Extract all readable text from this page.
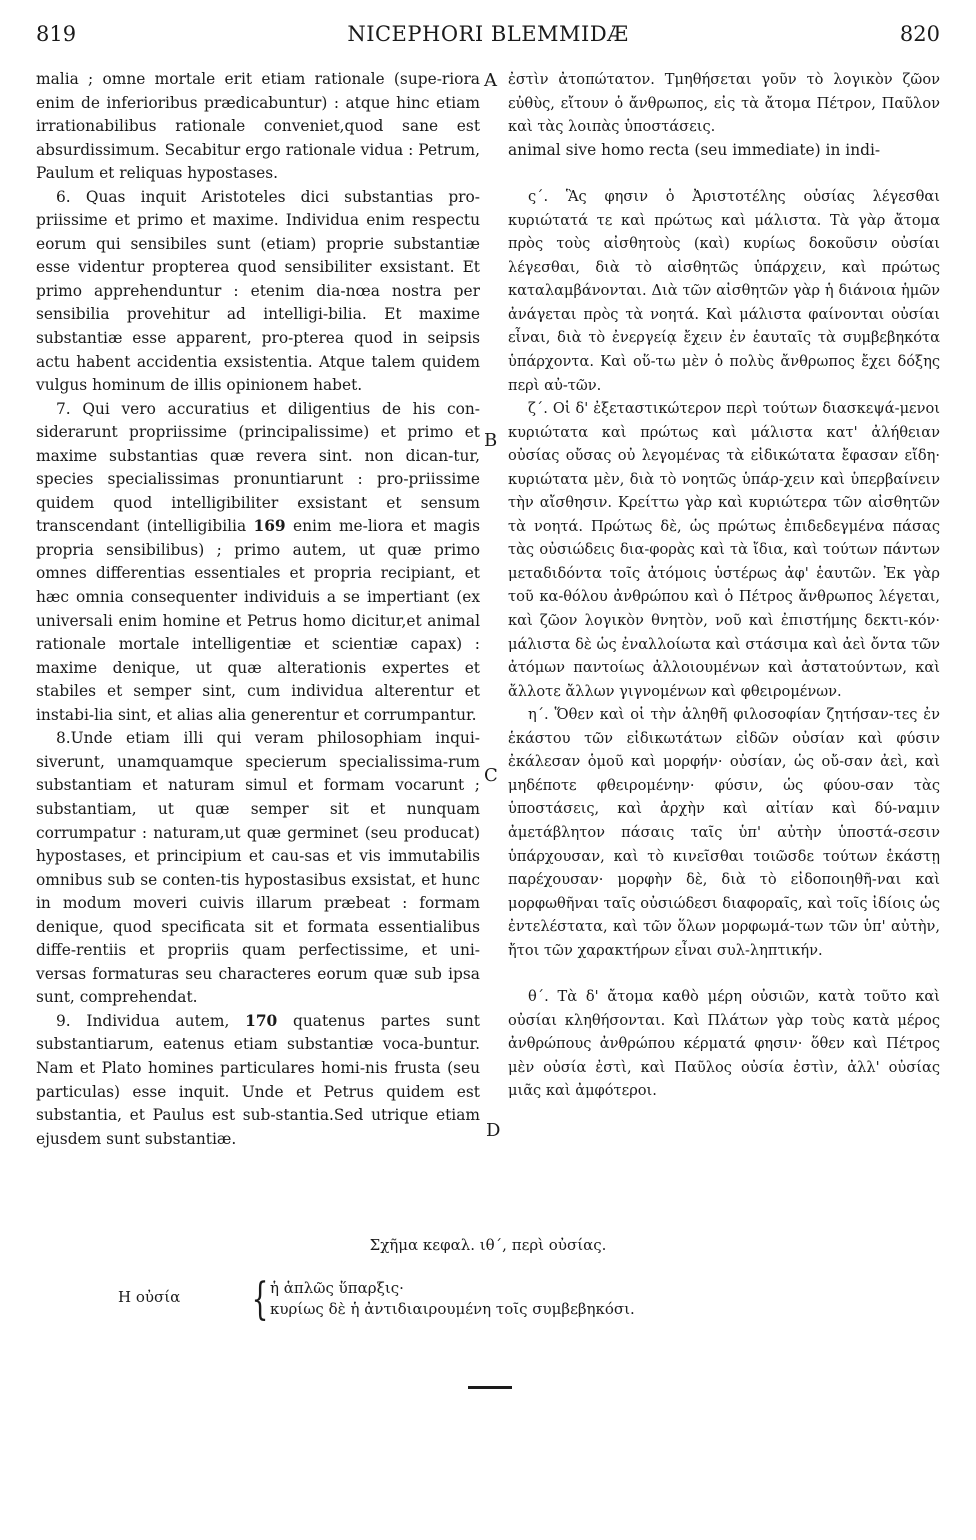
819	NICEPHORI BLEMMIDÆ	820
A
B
C
D

malia ; omne mortale erit etiam rationale (supe-riora enim de inferioribus prædicabuntur) : atque hinc etiam irrationabilibus rationale conveniet,quod sane est absurdissimum. Secabitur ergo rationale vidua : Petrum, Paulum et reliquas hypostases.

6. Quas inquit Aristoteles dici substantias pro-priissime et primo et maxime. Individua enim respectu eorum qui sensibiles sunt (etiam) proprie substantiæ esse videntur propterea quod sensibiliter exsistant. Et primo apprehenduntur : etenim dia-nœa nostra per sensibilia provehitur ad intelligi-bilia. Et maxime substantiæ esse apparent, pro-pterea quod in seipsis actu habent accidentia exsistentia. Atque talem quidem vulgus hominum de illis opinionem habet.

7. Qui vero accuratius et diligentius de his con-siderarunt propriissime (principalissime) et primo et maxime substantias quæ revera sint. non dican-tur, species specialissimas pronuntiarunt : pro-priissime quidem quod intelligibiliter exsistant et sensum transcendant (intelligibilia 169 enim me-liora et magis propria sensibilibus) ; primo autem, ut quæ primo omnes differentias essentiales et propria recipiant, et hæc omnia consequenter individuis a se impertiant (ex universali enim homine et Petrus homo dicitur,et animal rationale mortale intelligentiæ et scientiæ capax) : maxime denique, ut quæ alterationis expertes et stabiles et semper sint, cum individua alterentur et instabi-lia sint, et alias alia generentur et corrumpantur.

8.Unde etiam illi qui veram philosophiam inqui-siverunt, unamquamque specierum specialissima-rum substantiam et naturam simul et formam vocarunt ; substantiam, ut quæ semper sit et nunquam corrumpatur : naturam,ut quæ germinet (seu producat) hypostases, et principium et cau-sas et vis immutabilis omnibus sub se conten-tis hypostasibus exsistat, et hunc in modum moveri cuivis illarum præbeat : formam denique, quod specificata sit et formata essentialibus diffe-rentiis et propriis quam perfectissime, et uni-versas formaturas seu characteres eorum quæ sub ipsa sunt, comprehendat.

9. Individua autem, 170 quatenus partes sunt substantiarum, eatenus etiam substantiæ voca-buntur. Nam et Plato homines particulares homi-nis frusta (seu particulas) esse inquit. Unde et Petrus quidem est substantia, et Paulus est sub-stantia.Sed utrique etiam ejusdem sunt substantiæ.

ἐστὶν ἀτοπώτατον. Τμηθήσεται γοῦν τὸ λογικὸν ζῶον εὐθὺς, εἴτουν ὁ ἄνθρωπος, εἰς τὰ ἄτομα Πέτρον, Παῦλον καὶ τὰς λοιπὰς ὑποστάσεις.

animal sive homo recta (seu immediate) in indi-

ς΄. Ἃς φησιν ὁ Ἀριστοτέλης οὐσίας λέγεσθαι κυριώτατά τε καὶ πρώτως καὶ μάλιστα. Τὰ γὰρ ἄτομα πρὸς τοὺς αἰσθητοὺς (καὶ) κυρίως δοκοῦσιν οὐσίαι λέγεσθαι, διὰ τὸ αἰσθητῶς ὑπάρχειν, καὶ πρώτως καταλαμβάνονται. Διὰ τῶν αἰσθητῶν γὰρ ἡ διάνοια ἡμῶν ἀνάγεται πρὸς τὰ νοητά. Καὶ μάλιστα φαίνονται οὐσίαι εἶναι, διὰ τὸ ἐνεργείᾳ ἔχειν ἐν ἑαυταῖς τὰ συμβεβηκότα ὑπάρχοντα. Καὶ οὕ-τω μὲν ὁ πολὺς ἄνθρωπος ἔχει δόξης περὶ αὐ-τῶν.

ζ΄. Οἱ δ' ἐξεταστικώτερον περὶ τούτων διασκεψά-μενοι κυριώτατα καὶ πρώτως καὶ μάλιστα κατ' ἀλήθειαν οὐσίας οὔσας οὐ λεγομένας τὰ εἰδικώτατα ἔφασαν εἴδη· κυριώτατα μὲν, διὰ τὸ νοητῶς ὑπάρ-χειν καὶ ὑπερβαίνειν τὴν αἴσθησιν. Κρείττω γὰρ καὶ κυριώτερα τῶν αἰσθητῶν τὰ νοητά. Πρώτως δὲ, ὡς πρώτως ἐπιδεδεγμένα πάσας τὰς οὐσιώδεις δια-φορὰς καὶ τὰ ἴδια, καὶ τούτων πάντων μεταδιδόντα τοῖς ἀτόμοις ὑστέρως ἀφ' ἑαυτῶν. Ἐκ γὰρ τοῦ κα-θόλου ἀνθρώπου καὶ ὁ Πέτρος ἄνθρωπος λέγεται, καὶ ζῶον λογικὸν θνητὸν, νοῦ καὶ ἐπιστήμης δεκτι-κόν· μάλιστα δὲ ὡς ἐναλλοίωτα καὶ στάσιμα καὶ ἀεὶ ὄντα τῶν ἀτόμων παντοίως ἀλλοιουμένων καὶ ἀστατούντων, καὶ ἄλλοτε ἄλλων γιγνομένων καὶ φθειρομένων.

η΄. Ὅθεν καὶ οἱ τὴν ἀληθῆ φιλοσοφίαν ζητήσαν-τες ἐν ἑκάστου τῶν εἰδικωτάτων εἰδῶν οὐσίαν καὶ φύσιν ἐκάλεσαν ὁμοῦ καὶ μορφήν· οὐσίαν, ὡς οὔ-σαν ἀεὶ, καὶ μηδέποτε φθειρομένην· φύσιν, ὡς φύου-σαν τὰς ὑποστάσεις, καὶ ἀρχὴν καὶ αἰτίαν καὶ δύ-ναμιν ἀμετάβλητον πάσαις ταῖς ὑπ' αὐτὴν ὑποστά-σεσιν ὑπάρχουσαν, καὶ τὸ κινεῖσθαι τοιῶσδε τούτων ἑκάστῃ παρέχουσαν· μορφὴν δὲ, διὰ τὸ εἰδοποιηθῆ-ναι καὶ μορφωθῆναι ταῖς οὐσιώδεσι διαφοραῖς, καὶ τοῖς ἰδίοις ὡς ἐντελέστατα, καὶ τῶν ὅλων μορφωμά-των τῶν ὑπ' αὐτὴν, ἤτοι τῶν χαρακτήρων εἶναι συλ-ληπτικήν.

θ΄. Τὰ δ' ἄτομα καθὸ μέρη οὐσιῶν, κατὰ τοῦτο καὶ οὐσίαι κληθήσονται. Καὶ Πλάτων γὰρ τοὺς κατὰ μέρος ἀνθρώπους ἀνθρώπου κέρματά φησιν· ὅθεν καὶ Πέτρος μὲν οὐσία ἐστὶ, καὶ Παῦλος οὐσία ἐστὶν, ἀλλ' οὐσίας μιᾶς καὶ ἀμφότεροι.

Σχῆμα κεφαλ. ιθ΄, περὶ οὐσίας.
Η οὐσία { ἡ ἁπλῶς ὕπαρξις·
κυρίως δὲ ἡ ἀντιδιαιρουμένη τοῖς συμβεβηκόσι.
